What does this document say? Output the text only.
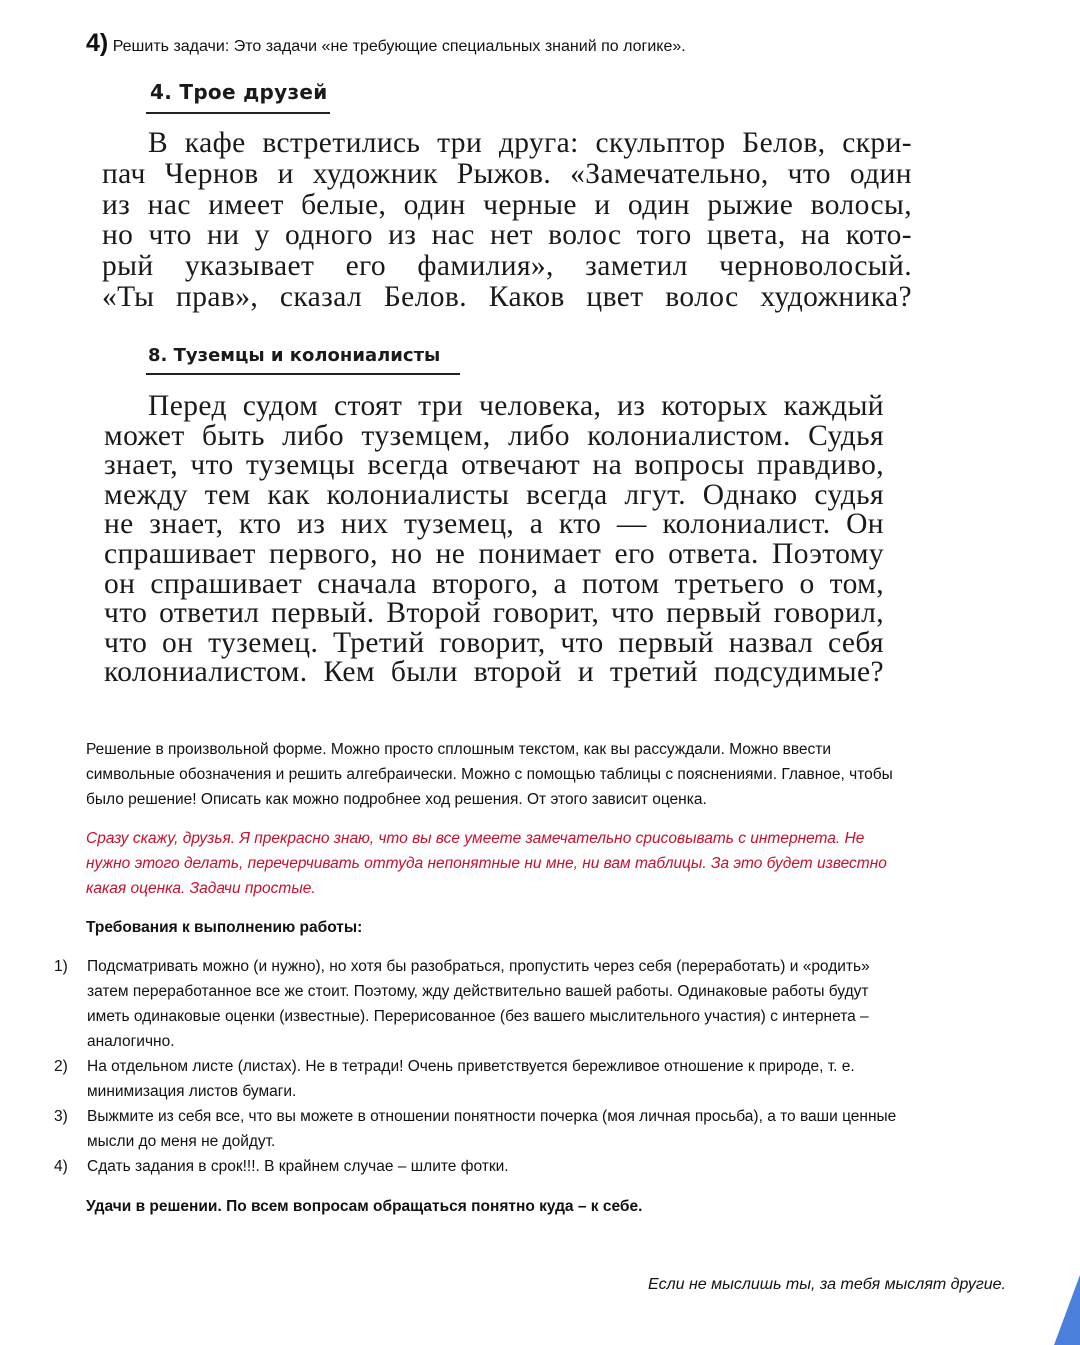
4) Решить задачи: Это задачи «не требующие специальных знаний по логике».
4. Трое друзей
В кафе встретились три друга: скульптор Белов, скри-
пач Чернов и художник Рыжов. «Замечательно, что один
из нас имеет белые, один черные и один рыжие волосы,
но что ни у одного из нас нет волос того цвета, на кото-
рый указывает его фамилия», заметил черноволосый.
«Ты прав», сказал Белов. Каков цвет волос художника?
8. Туземцы и колониалисты
Перед судом стоят три человека, из которых каждый
может быть либо туземцем, либо колониалистом. Судья
знает, что туземцы всегда отвечают на вопросы правдиво,
между тем как колониалисты всегда лгут. Однако судья
не знает, кто из них туземец, а кто — колониалист. Он
спрашивает первого, но не понимает его ответа. Поэтому
он спрашивает сначала второго, а потом третьего о том,
что ответил первый. Второй говорит, что первый говорил,
что он туземец. Третий говорит, что первый назвал себя
колониалистом. Кем были второй и третий подсудимые?
Решение в произвольной форме. Можно просто сплошным текстом, как вы рассуждали. Можно ввести
символьные обозначения и решить алгебраически. Можно с помощью таблицы с пояснениями. Главное, чтобы
было решение! Описать как можно подробнее ход решения. От этого зависит оценка.
Сразу скажу, друзья. Я прекрасно знаю, что вы все умеете замечательно срисовывать с интернета. Не
нужно этого делать, перечерчивать оттуда непонятные ни мне, ни вам таблицы. За это будет известно
какая оценка. Задачи простые.
Требования к выполнению работы:
1) Подсматривать можно (и нужно), но хотя бы разобраться, пропустить через себя (переработать) и «родить»
затем переработанное все же стоит. Поэтому, жду действительно вашей работы. Одинаковые работы будут
иметь одинаковые оценки (известные). Перерисованное (без вашего мыслительного участия) с интернета –
аналогично.
2) На отдельном листе (листах). Не в тетради! Очень приветствуется бережливое отношение к природе, т. е.
минимизация листов бумаги.
3) Выжмите из себя все, что вы можете в отношении понятности почерка (моя личная просьба), а то ваши ценные
мысли до меня не дойдут.
4) Сдать задания в срок!!!. В крайнем случае – шлите фотки.
Удачи в решении. По всем вопросам обращаться понятно куда – к себе.
Если не мыслишь ты, за тебя мыслят другие.
